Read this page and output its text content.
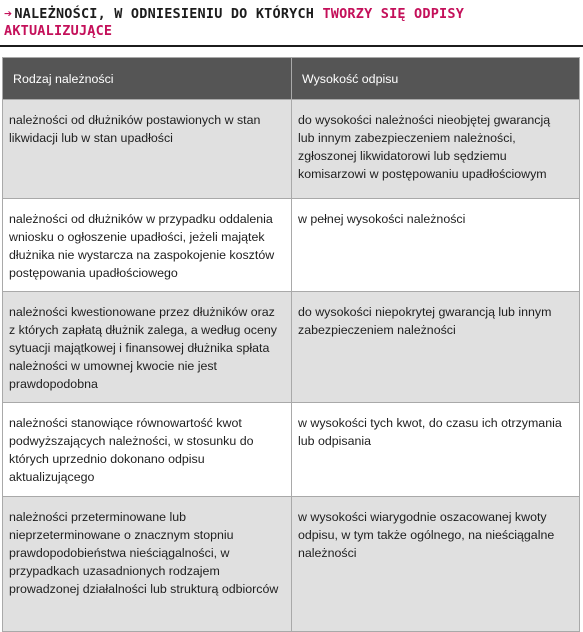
➔ NALEŻNOŚCI, W ODNIESIENIU DO KTÓRYCH TWORZY SIĘ ODPISY AKTUALIZUJĄCE
Rodzaj należności	Wysokość odpisu
należności od dłużników postawionych w stan likwidacji lub w stan upadłości	do wysokości należności nieobjętej gwarancją lub innym zabezpieczeniem należności, zgłoszonej likwidatorowi lub sędziemu komisarzowi w postępowaniu upadłościowym
należności od dłużników w przypadku oddalenia wniosku o ogłoszenie upadłości, jeżeli majątek dłużnika nie wystarcza na zaspokojenie kosztów postępowania upadłościowego	w pełnej wysokości należności
należności kwestionowane przez dłużników oraz z których zapłatą dłużnik zalega, a według oceny sytuacji majątkowej i finansowej dłużnika spłata należności w umownej kwocie nie jest prawdopodobna	do wysokości niepokrytej gwarancją lub innym zabezpieczeniem należności
należności stanowiące równowartość kwot podwyższających należności, w stosunku do których uprzednio dokonano odpisu aktualizującego	w wysokości tych kwot, do czasu ich otrzymania lub odpisania
należności przeterminowane lub nieprzeterminowane o znacznym stopniu prawdopodobieństwa nieściągalności, w przypadkach uzasadnionych rodzajem prowadzonej działalności lub strukturą odbiorców	w wysokości wiarygodnie oszacowanej kwoty odpisu, w tym także ogólnego, na nieściągalne należności
